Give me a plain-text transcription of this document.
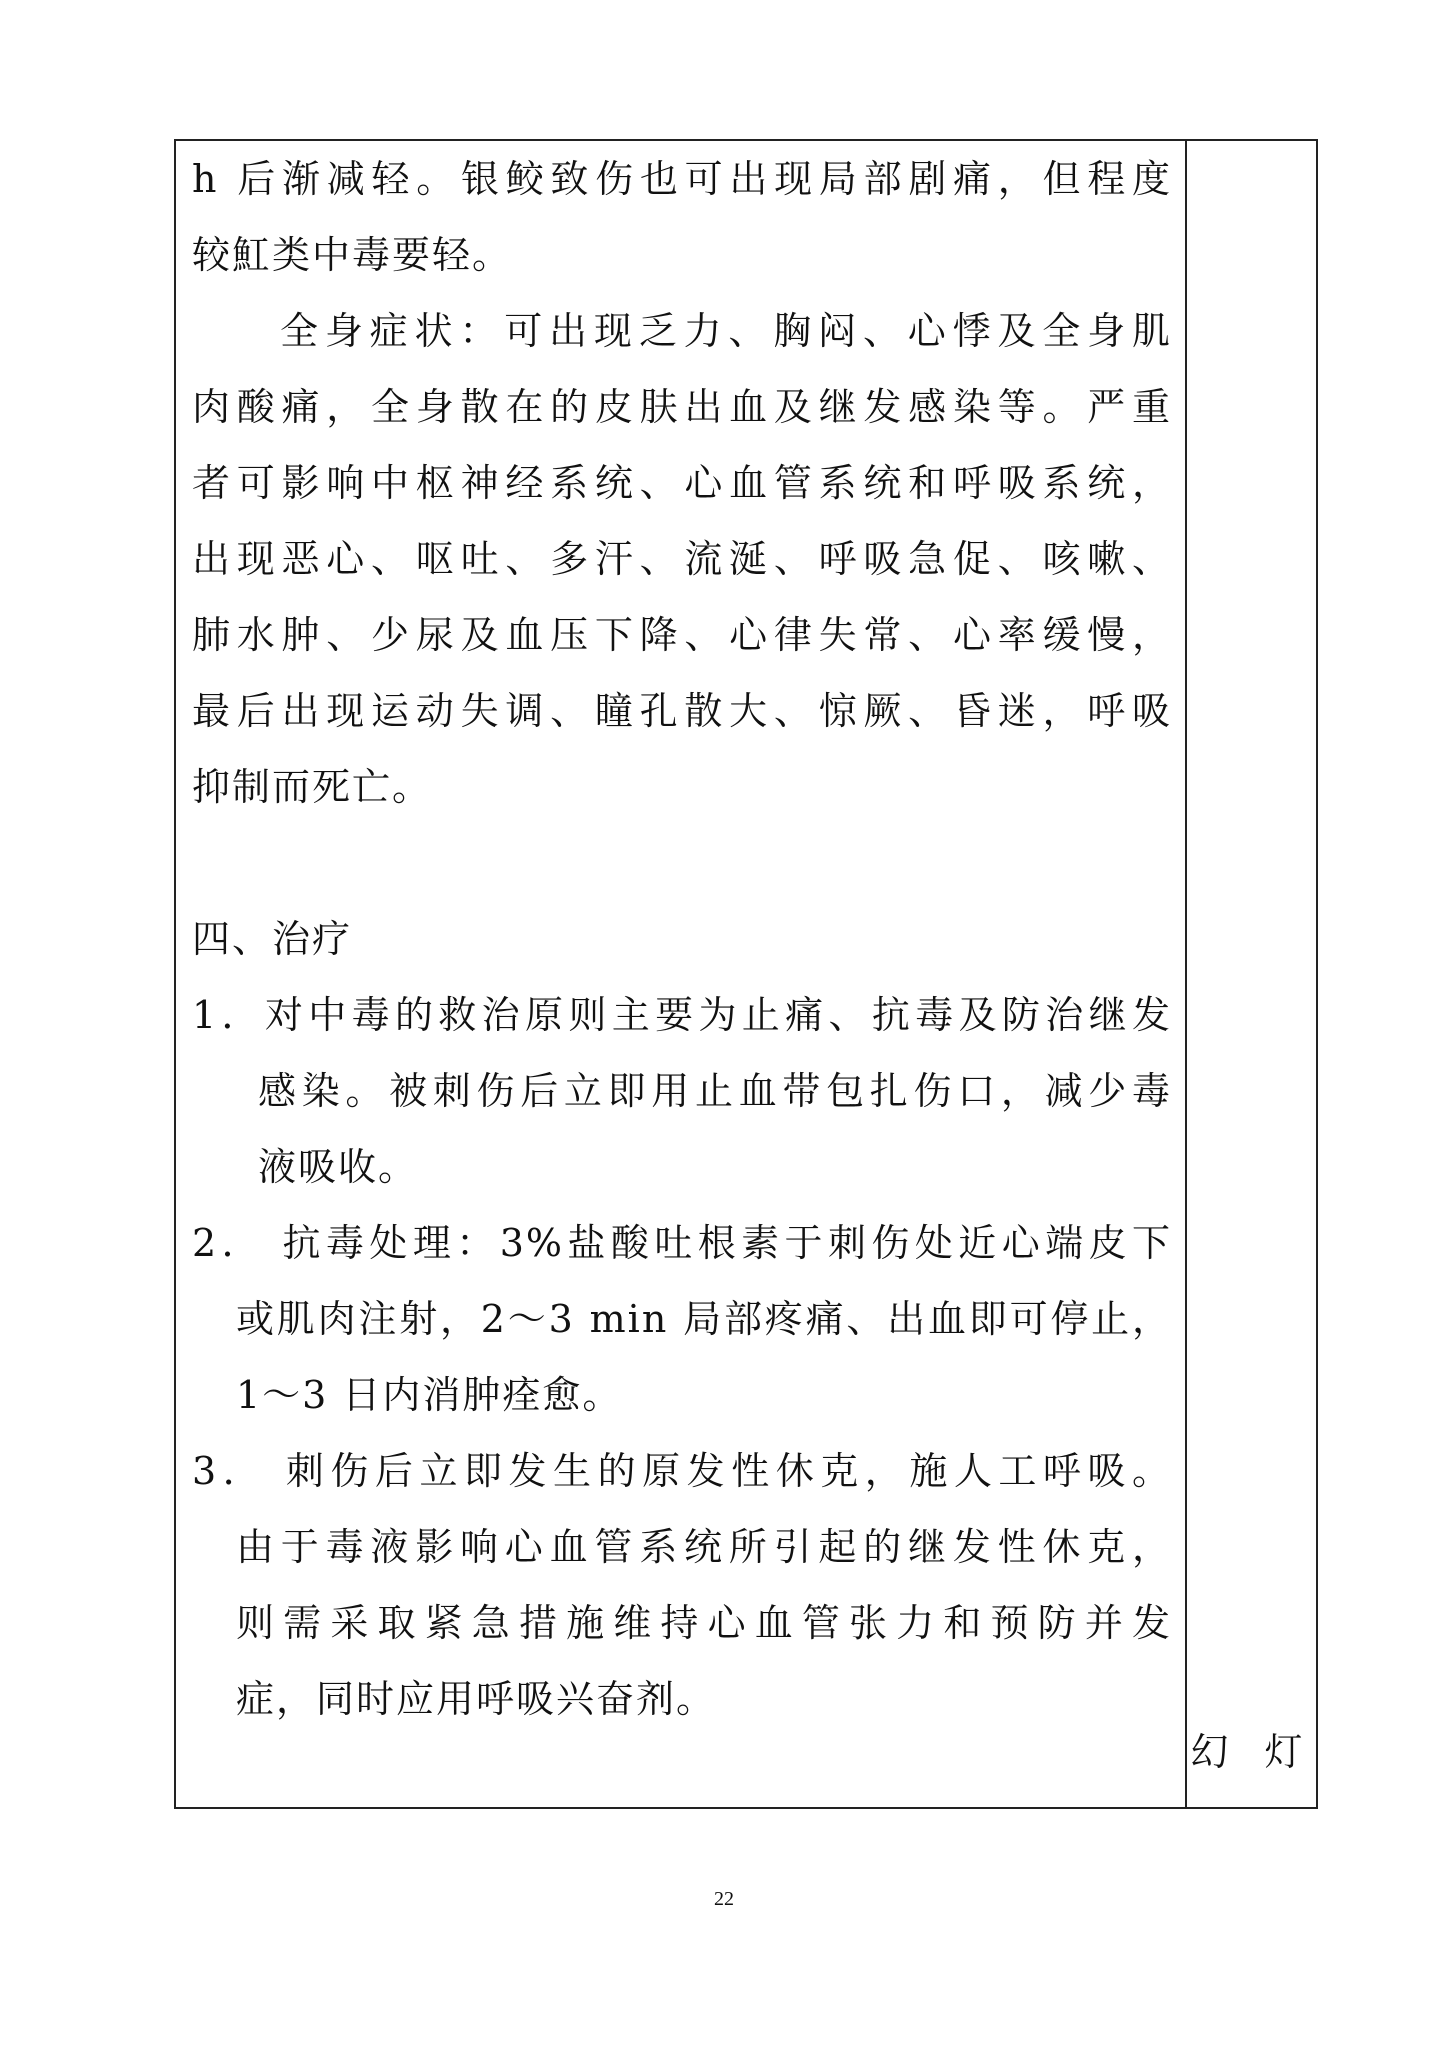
h 后渐减轻。银鲛致伤也可出现局部剧痛，但程度
较魟类中毒要轻。
全身症状：可出现乏力、胸闷、心悸及全身肌
肉酸痛，全身散在的皮肤出血及继发感染等。严重
者可影响中枢神经系统、心血管系统和呼吸系统，
出现恶心、呕吐、多汗、流涎、呼吸急促、咳嗽、
肺水肿、少尿及血压下降、心律失常、心率缓慢，
最后出现运动失调、瞳孔散大、惊厥、昏迷，呼吸
抑制而死亡。
四、治疗
1．对中毒的救治原则主要为止痛、抗毒及防治继发
感染。被刺伤后立即用止血带包扎伤口，减少毒
液吸收。
2． 抗毒处理：3%盐酸吐根素于刺伤处近心端皮下
或肌肉注射，2～3 min 局部疼痛、出血即可停止，
1～3 日内消肿痊愈。
3． 刺伤后立即发生的原发性休克，施人工呼吸。
由于毒液影响心血管系统所引起的继发性休克，
则需采取紧急措施维持心血管张力和预防并发
症，同时应用呼吸兴奋剂。
幻 灯
22
